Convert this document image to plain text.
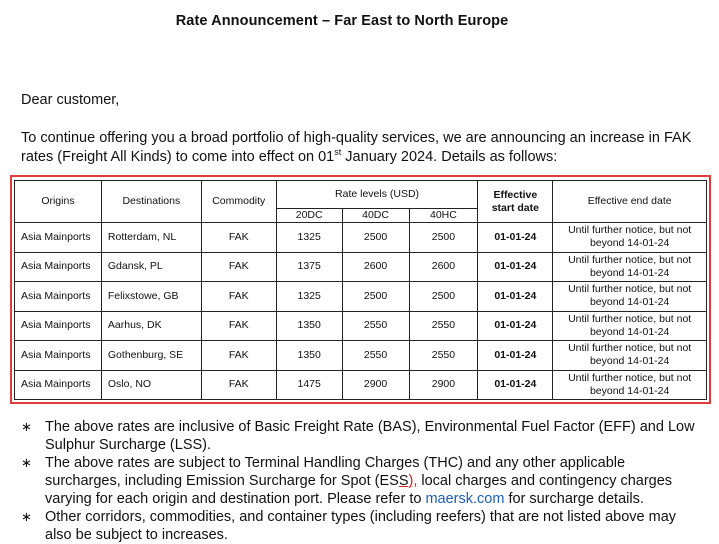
Rate Announcement – Far East to North Europe
Dear customer,
To continue offering you a broad portfolio of high-quality services, we are announcing an increase in FAK rates (Freight All Kinds) to come into effect on 01st January 2024. Details as follows:
Origins	Destinations	Commodity	Rate levels (USD)			Effective start date	Effective end date
			20DC	40DC	40HC		
Asia Mainports	Rotterdam, NL	FAK	1325	2500	2500	01-01-24	Until further notice, but not beyond 14-01-24
Asia Mainports	Gdansk, PL	FAK	1375	2600	2600	01-01-24	Until further notice, but not beyond 14-01-24
Asia Mainports	Felixstowe, GB	FAK	1325	2500	2500	01-01-24	Until further notice, but not beyond 14-01-24
Asia Mainports	Aarhus, DK	FAK	1350	2550	2550	01-01-24	Until further notice, but not beyond 14-01-24
Asia Mainports	Gothenburg, SE	FAK	1350	2550	2550	01-01-24	Until further notice, but not beyond 14-01-24
Asia Mainports	Oslo, NO	FAK	1475	2900	2900	01-01-24	Until further notice, but not beyond 14-01-24
∗ The above rates are inclusive of Basic Freight Rate (BAS), Environmental Fuel Factor (EFF) and Low Sulphur Surcharge (LSS).
∗ The above rates are subject to Terminal Handling Charges (THC) and any other applicable surcharges, including Emission Surcharge for Spot (ESS), local charges and contingency charges varying for each origin and destination port. Please refer to maersk.com for surcharge details.
∗ Other corridors, commodities, and container types (including reefers) that are not listed above may also be subject to increases.
